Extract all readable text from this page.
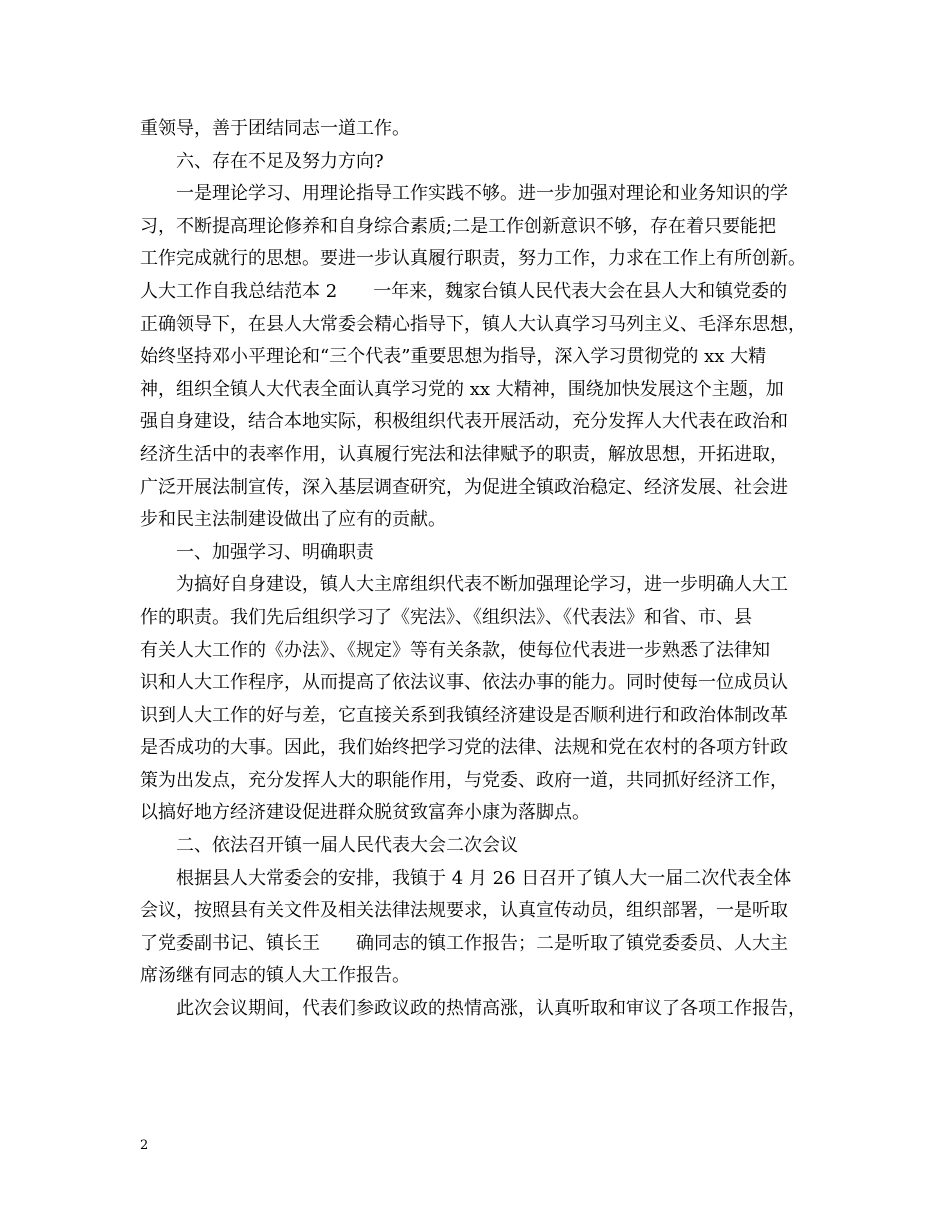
重领导，善于团结同志一道工作。
六、存在不足及努力方向?
一是理论学习、用理论指导工作实践不够。进一步加强对理论和业务知识的学
习，不断提高理论修养和自身综合素质;二是工作创新意识不够，存在着只要能把
工作完成就行的思想。要进一步认真履行职责，努力工作，力求在工作上有所创新。
人大工作自我总结范本 2 一年来，魏家台镇人民代表大会在县人大和镇党委的
正确领导下，在县人大常委会精心指导下，镇人大认真学习马列主义、毛泽东思想，
始终坚持邓小平理论和“三个代表”重要思想为指导，深入学习贯彻党的 xx 大精
神，组织全镇人大代表全面认真学习党的 xx 大精神，围绕加快发展这个主题，加
强自身建设，结合本地实际，积极组织代表开展活动，充分发挥人大代表在政治和
经济生活中的表率作用，认真履行宪法和法律赋予的职责，解放思想，开拓进取，
广泛开展法制宣传，深入基层调查研究，为促进全镇政治稳定、经济发展、社会进
步和民主法制建设做出了应有的贡献。
一、加强学习、明确职责
为搞好自身建设，镇人大主席组织代表不断加强理论学习，进一步明确人大工
作的职责。我们先后组织学习了《宪法》、《组织法》、《代表法》和省、市、县
有关人大工作的《办法》、《规定》等有关条款，使每位代表进一步熟悉了法律知
识和人大工作程序，从而提高了依法议事、依法办事的能力。同时使每一位成员认
识到人大工作的好与差，它直接关系到我镇经济建设是否顺利进行和政治体制改革
是否成功的大事。因此，我们始终把学习党的法律、法规和党在农村的各项方针政
策为出发点，充分发挥人大的职能作用，与党委、政府一道，共同抓好经济工作，
以搞好地方经济建设促进群众脱贫致富奔小康为落脚点。
二、依法召开镇一届人民代表大会二次会议
根据县人大常委会的安排，我镇于 4 月 26 日召开了镇人大一届二次代表全体
会议，按照县有关文件及相关法律法规要求，认真宣传动员，组织部署，一是听取
了党委副书记、镇长王 确同志的镇工作报告；二是听取了镇党委委员、人大主
席汤继有同志的镇人大工作报告。
此次会议期间，代表们参政议政的热情高涨，认真听取和审议了各项工作报告，
2
